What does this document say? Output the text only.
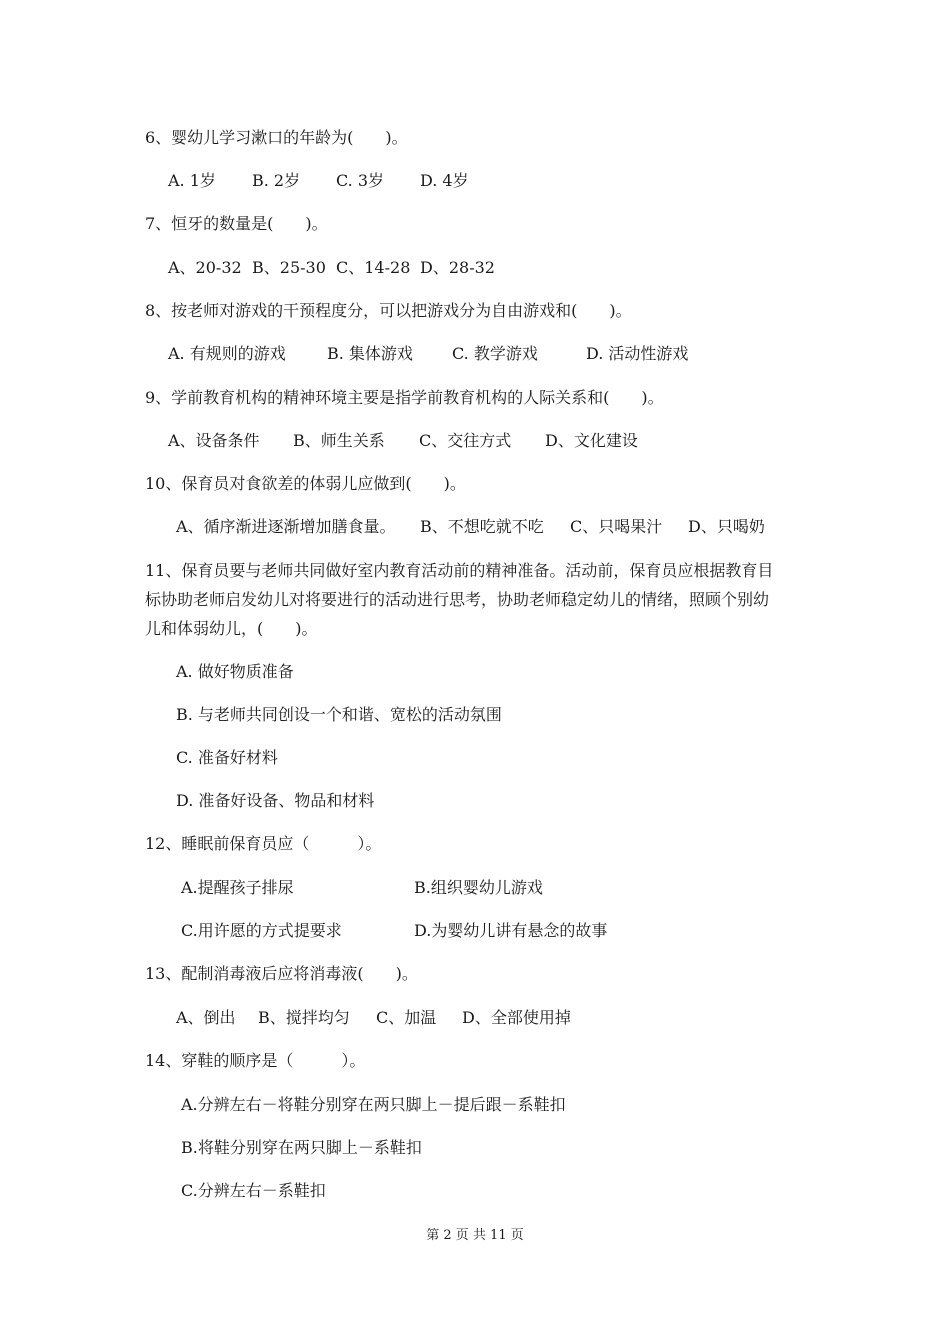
6、婴幼儿学习漱口的年龄为(　　)。
A. 1岁 B. 2岁 C. 3岁 D. 4岁
7、恒牙的数量是(　　)。
A、20-32 B、25-30 C、14-28 D、28-32
8、按老师对游戏的干预程度分，可以把游戏分为自由游戏和(　　)。
A. 有规则的游戏	B. 集体游戏 C. 教学游戏	D. 活动性游戏
9、学前教育机构的精神环境主要是指学前教育机构的人际关系和(　　)。
A、设备条件 B、师生关系 C、交往方式 D、文化建设
10、保育员对食欲差的体弱儿应做到(　　)。
A、循序渐进逐渐增加膳食量。 B、不想吃就不吃 C、只喝果汁 D、只喝奶
11、保育员要与老师共同做好室内教育活动前的精神准备。活动前，保育员应根据教育目
标协助老师启发幼儿对将要进行的活动进行思考，协助老师稳定幼儿的情绪，照顾个别幼
儿和体弱幼儿，(　　)。
A. 做好物质准备
B. 与老师共同创设一个和谐、宽松的活动氛围
C. 准备好材料
D. 准备好设备、物品和材料
12、睡眠前保育员应（　　　）。
A.提醒孩子排尿	B.组织婴幼儿游戏
C.用许愿的方式提要求	D.为婴幼儿讲有悬念的故事
13、配制消毒液后应将消毒液(　　)。
A、倒出 B、搅拌均匀 C、加温 D、全部使用掉
14、穿鞋的顺序是（　　　）。
A.分辨左右－将鞋分别穿在两只脚上－提后跟－系鞋扣
B.将鞋分别穿在两只脚上－系鞋扣
C.分辨左右－系鞋扣
第 2 页 共 11 页
